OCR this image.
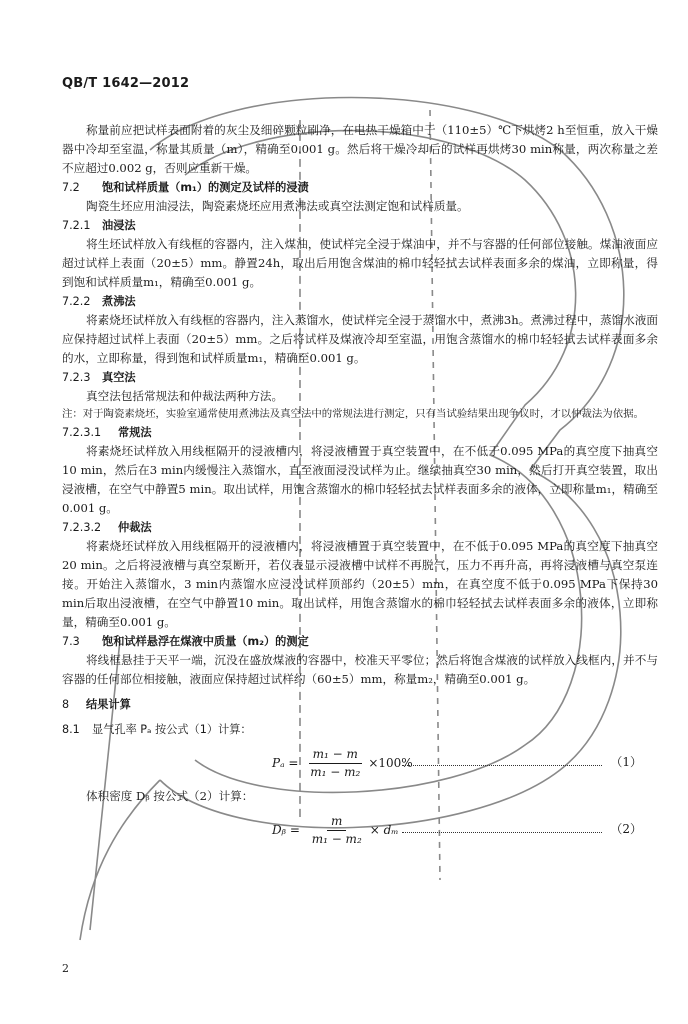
QB/T 1642—2012

称量前应把试样表面附着的灰尘及细碎颗粒刷净，在电热干燥箱中于（110±5）℃下烘烤2 h至恒重，放入干燥器中冷却至室温，称量其质量（m），精确至0.001 g。然后将干燥冷却后的试样再烘烤30 min称量，两次称量之差不应超过0.002 g，否则应重新干燥。

7.2 饱和试样质量（m₁）的测定及试样的浸渍

陶瓷生坯应用油浸法，陶瓷素烧坯应用煮沸法或真空法测定饱和试样质量。

7.2.1 油浸法

将生坯试样放入有线框的容器内，注入煤油，使试样完全浸于煤油中，并不与容器的任何部位接触。煤油液面应超过试样上表面（20±5）mm。静置24h，取出后用饱含煤油的棉巾轻轻拭去试样表面多余的煤油，立即称量，得到饱和试样质量m₁，精确至0.001 g。

7.2.2 煮沸法

将素烧坯试样放入有线框的容器内，注入蒸馏水，使试样完全浸于蒸馏水中，煮沸3h。煮沸过程中，蒸馏水液面应保持超过试样上表面（20±5）mm。之后将试样及煤液冷却至室温，用饱含蒸馏水的棉巾轻轻拭去试样表面多余的水，立即称量，得到饱和试样质量m₁，精确至0.001 g。

7.2.3 真空法

真空法包括常规法和仲裁法两种方法。

注：对于陶瓷素烧坯，实验室通常使用煮沸法及真空法中的常规法进行测定，只有当试验结果出现争议时，才以仲裁法为依据。

7.2.3.1 常规法

将素烧坯试样放入用线框隔开的浸液槽内，将浸液槽置于真空装置中，在不低于0.095 MPa的真空度下抽真空10 min，然后在3 min内缓慢注入蒸馏水，直至液面浸没试样为止。继续抽真空30 min，然后打开真空装置，取出浸液槽，在空气中静置5 min。取出试样，用饱含蒸馏水的棉巾轻轻拭去试样表面多余的液体，立即称量m₁，精确至0.001 g。

7.2.3.2 仲裁法

将素烧坯试样放入用线框隔开的浸液槽内，将浸液槽置于真空装置中，在不低于0.095 MPa的真空度下抽真空20 min。之后将浸液槽与真空泵断开，若仪表显示浸液槽中试样不再脱气，压力不再升高，再将浸液槽与真空泵连接。开始注入蒸馏水，3 min内蒸馏水应浸没试样顶部约（20±5）mm，在真空度不低于0.095 MPa下保持30 min后取出浸液槽，在空气中静置10 min。取出试样，用饱含蒸馏水的棉巾轻轻拭去试样表面多余的液体，立即称量，精确至0.001 g。

7.3 饱和试样悬浮在煤液中质量（m₂）的测定

将线框悬挂于天平一端，沉没在盛放煤液的容器中，校准天平零位；然后将饱含煤液的试样放入线框内，并不与容器的任何部位相接触，液面应保持超过试样约（60±5）mm，称量m₂，精确至0.001 g。

8 结果计算

8.1 显气孔率 Pₐ 按公式（1）计算：

$P_a = \frac{\text{m₁ − m}}{\text{m₁ − m₂}} \times 100\%$	（1）

体积密度 Dᵦ 按公式（2）计算：

Dᵦ = $\frac{m}{\text{m₁ − m₂}} \times d_m$	（2）
2
